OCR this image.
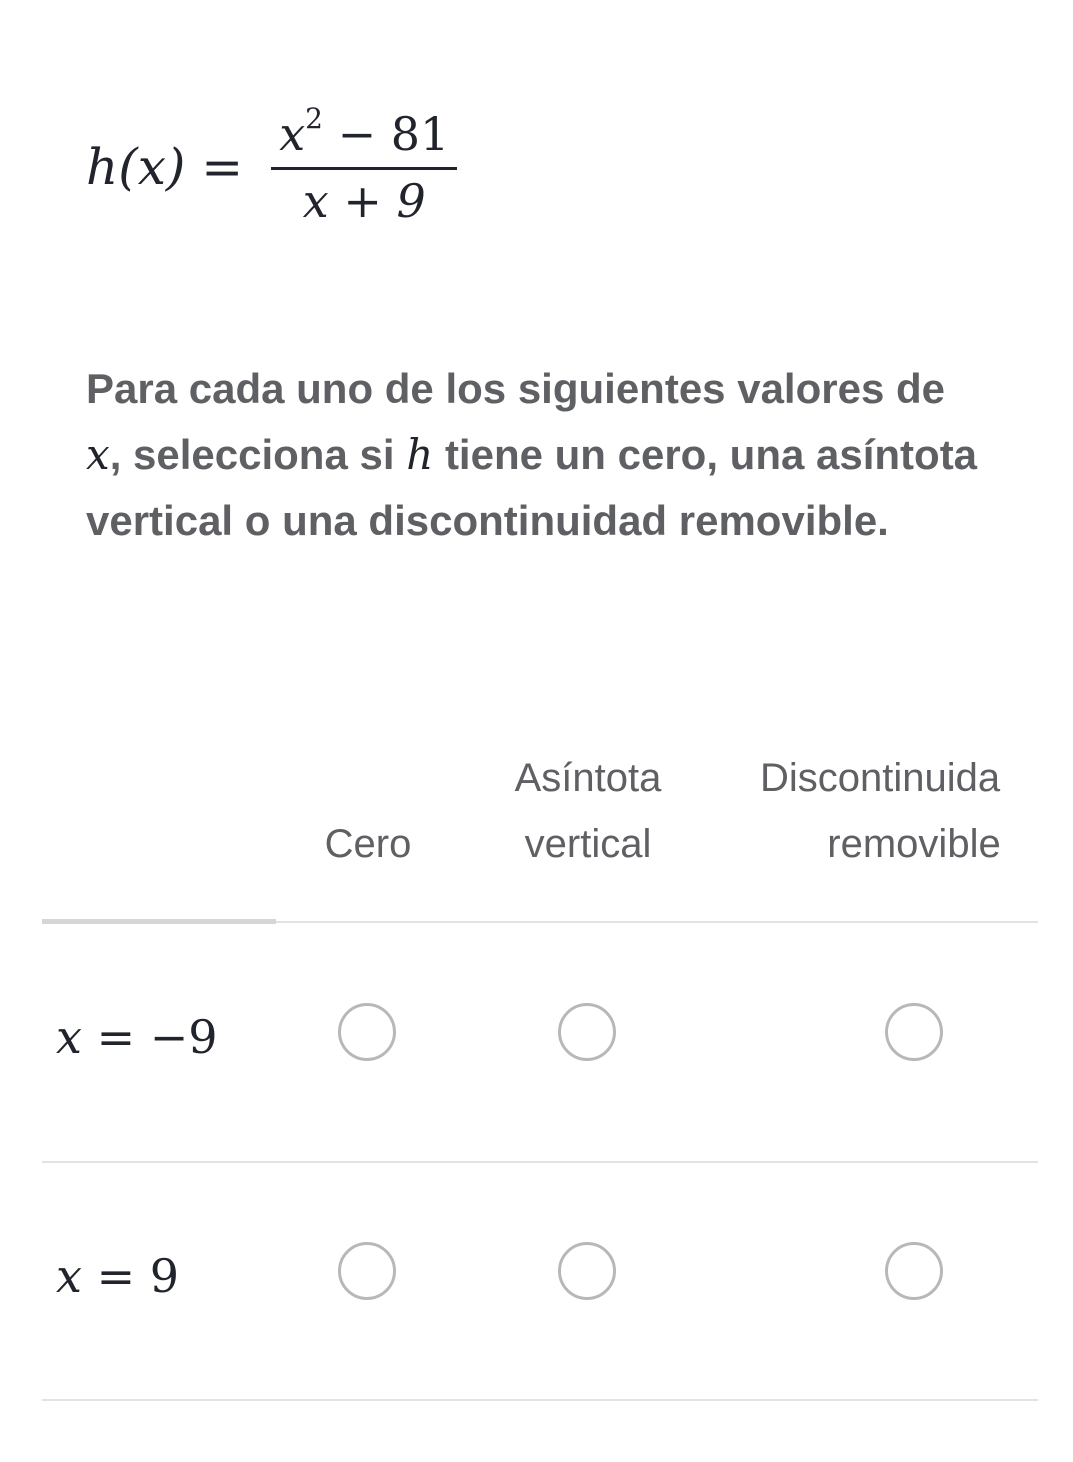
$h(x) = \frac{x^2 - 81}{x + 9}$
Para cada uno de los siguientes valores de x, selecciona si h tiene un cero, una asíntota vertical o una discontinuidad removible.
Cero
Asíntota
vertical
Discontinuida
removible
x = −9
x = 9
